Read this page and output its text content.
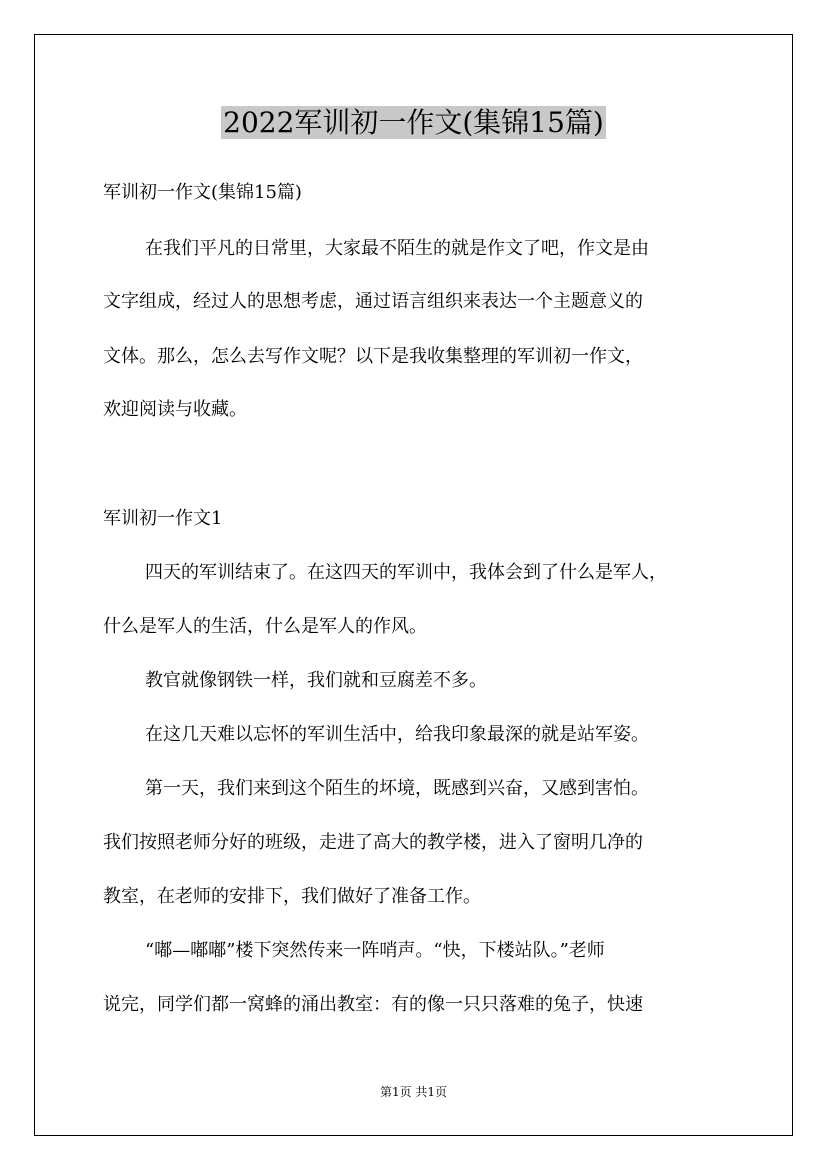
2022军训初一作文(集锦15篇)
军训初一作文(集锦15篇)
在我们平凡的日常里，大家最不陌生的就是作文了吧，作文是由
文字组成，经过人的思想考虑，通过语言组织来表达一个主题意义的
文体。那么，怎么去写作文呢？以下是我收集整理的军训初一作文，
欢迎阅读与收藏。
军训初一作文1
四天的军训结束了。在这四天的军训中，我体会到了什么是军人，
什么是军人的生活，什么是军人的作风。
教官就像钢铁一样，我们就和豆腐差不多。
在这几天难以忘怀的军训生活中，给我印象最深的就是站军姿。
第一天，我们来到这个陌生的坏境，既感到兴奋，又感到害怕。
我们按照老师分好的班级，走进了高大的教学楼，进入了窗明几净的
教室，在老师的安排下，我们做好了准备工作。
“嘟—嘟嘟”楼下突然传来一阵哨声。“快，下楼站队。”老师
说完，同学们都一窝蜂的涌出教室：有的像一只只落难的兔子，快速
第1页 共1页
